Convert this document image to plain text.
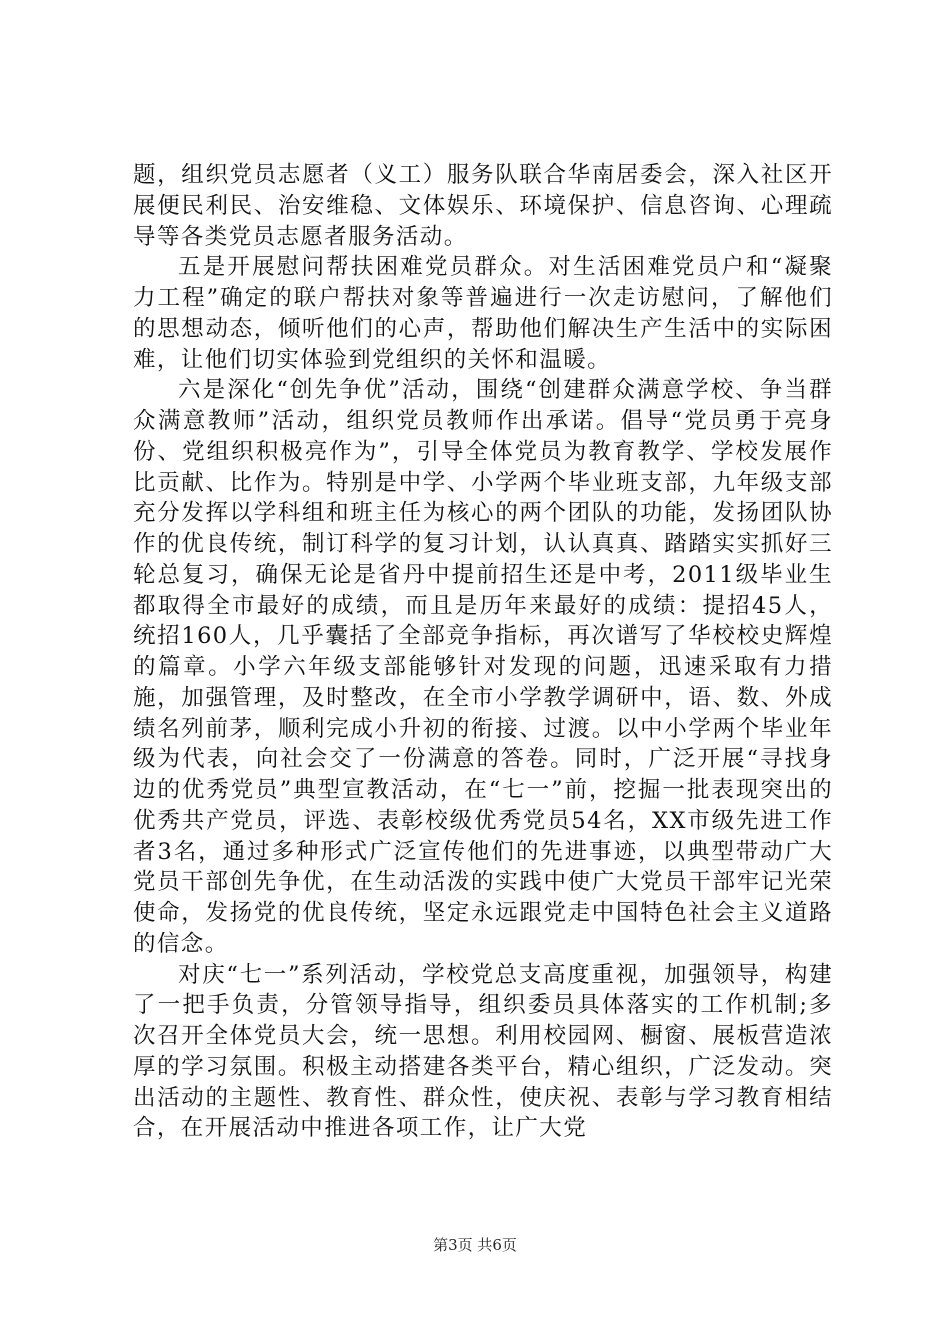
题，组织党员志愿者（义工）服务队联合华南居委会，深入社区开展便民利民、治安维稳、文体娱乐、环境保护、信息咨询、心理疏导等各类党员志愿者服务活动。

五是开展慰问帮扶困难党员群众。对生活困难党员户和“凝聚力工程”确定的联户帮扶对象等普遍进行一次走访慰问，了解他们的思想动态，倾听他们的心声，帮助他们解决生产生活中的实际困难，让他们切实体验到党组织的关怀和温暖。

六是深化“创先争优”活动，围绕“创建群众满意学校、争当群众满意教师”活动，组织党员教师作出承诺。倡导“党员勇于亮身份、党组织积极亮作为”，引导全体党员为教育教学、学校发展作比贡献、比作为。特别是中学、小学两个毕业班支部，九年级支部充分发挥以学科组和班主任为核心的两个团队的功能，发扬团队协作的优良传统，制订科学的复习计划，认认真真、踏踏实实抓好三轮总复习，确保无论是省丹中提前招生还是中考，2011级毕业生都取得全市最好的成绩，而且是历年来最好的成绩：提招45人，统招160人，几乎囊括了全部竞争指标，再次谱写了华校校史辉煌的篇章。小学六年级支部能够针对发现的问题，迅速采取有力措施，加强管理，及时整改，在全市小学教学调研中，语、数、外成绩名列前茅，顺利完成小升初的衔接、过渡。以中小学两个毕业年级为代表，向社会交了一份满意的答卷。同时，广泛开展“寻找身边的优秀党员”典型宣教活动，在“七一”前，挖掘一批表现突出的优秀共产党员，评选、表彰校级优秀党员54名，XX市级先进工作者3名，通过多种形式广泛宣传他们的先进事迹，以典型带动广大党员干部创先争优，在生动活泼的实践中使广大党员干部牢记光荣使命，发扬党的优良传统，坚定永远跟党走中国特色社会主义道路的信念。

对庆“七一”系列活动，学校党总支高度重视，加强领导，构建了一把手负责，分管领导指导，组织委员具体落实的工作机制;多次召开全体党员大会，统一思想。利用校园网、橱窗、展板营造浓厚的学习氛围。积极主动搭建各类平台，精心组织，广泛发动。突出活动的主题性、教育性、群众性，使庆祝、表彰与学习教育相结合，在开展活动中推进各项工作，让广大党

第3页 共6页
